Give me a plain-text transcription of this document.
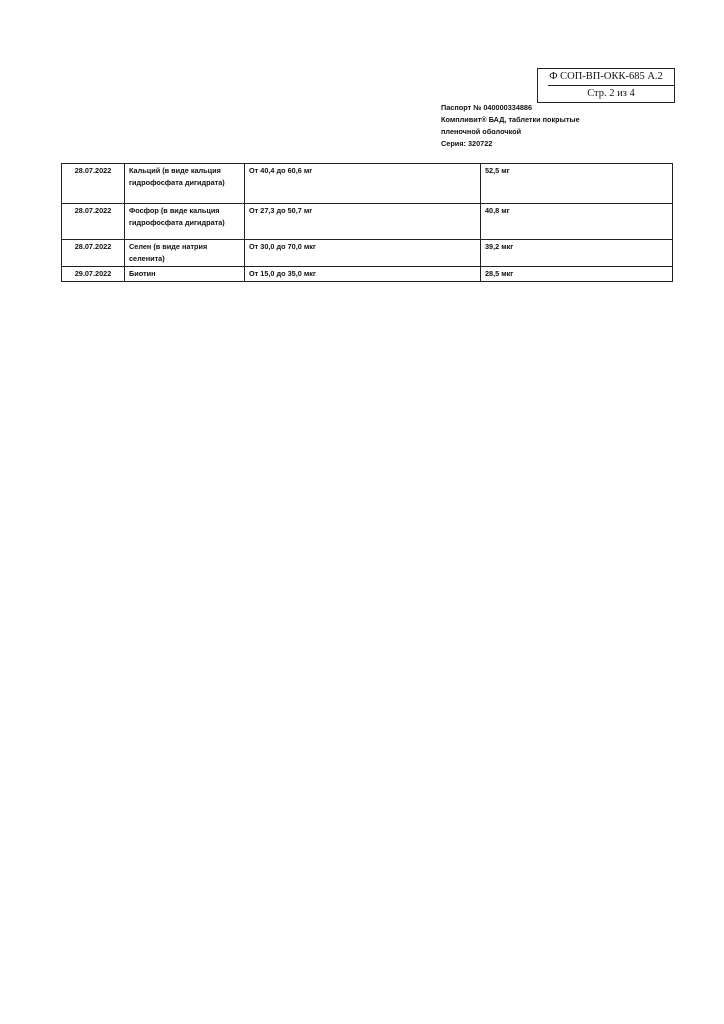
Ф СОП-ВП-ОКК-685 А.2
Стр. 2 из 4
Паспорт № 040000334886
Компливит® БАД, таблетки покрытые пленочной оболочкой
Серия: 320722
28.07.2022	Кальций (в виде кальция гидрофосфата дигидрата)	От 40,4 до 60,6 мг	52,5 мг
28.07.2022	Фосфор (в виде кальция гидрофосфата дигидрата)	От 27,3 до 50,7 мг	40,8 мг
28.07.2022	Селен (в виде натрия селенита)	От 30,0 до 70,0 мкг	39,2 мкг
29.07.2022	Биотин	От 15,0 до 35,0 мкг	28,5 мкг
